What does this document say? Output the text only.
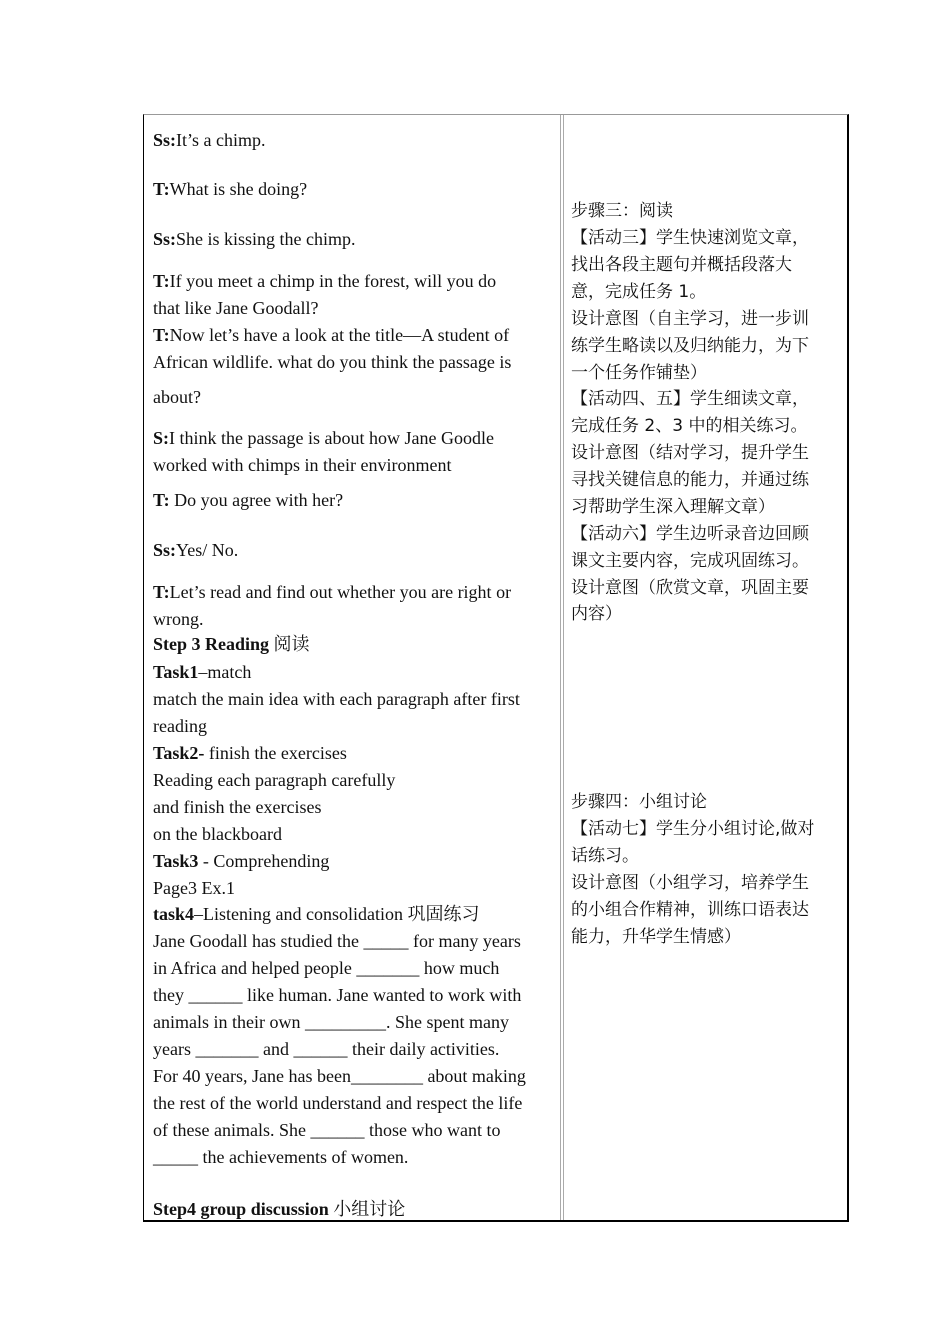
Ss:It’s a chimp.
T:What is she doing?
Ss:She is kissing the chimp.
T:If you meet a chimp in the forest, will you do
that like Jane Goodall?
T:Now let’s have a look at the title—A student of
African wildlife. what do you think the passage is
about?
S:I think the passage is about how Jane Goodle
worked with chimps in their environment
T: Do you agree with her?
Ss:Yes/ No.
T:Let’s read and find out whether you are right or
wrong.
Step 3 Reading 阅读
Task1–match
match the main idea with each paragraph after first
reading
Task2- finish the exercises
Reading each paragraph carefully
and finish the exercises
on the blackboard
Task3 - Comprehending
Page3 Ex.1
task4–Listening and consolidation 巩固练习
Jane Goodall has studied the _____ for many years
in Africa and helped people _______ how much
they ______ like human. Jane wanted to work with
animals in their own _________. She spent many
years _______ and ______ their daily activities.
For 40 years, Jane has been________ about making
the rest of the world understand and respect the life
of these animals. She ______ those who want to
_____ the achievements of women.
Step4 group discussion 小组讨论
步骤三：阅读
【活动三】学生快速浏览文章，
找出各段主题句并概括段落大
意，完成任务 1。
设计意图（自主学习，进一步训
练学生略读以及归纳能力，为下
一个任务作铺垫）
【活动四、五】学生细读文章，
完成任务 2、3 中的相关练习。
设计意图（结对学习，提升学生
寻找关键信息的能力，并通过练
习帮助学生深入理解文章）
【活动六】学生边听录音边回顾
课文主要内容，完成巩固练习。
设计意图（欣赏文章，巩固主要
内容）
步骤四：小组讨论
【活动七】学生分小组讨论,做对
话练习。
设计意图（小组学习，培养学生
的小组合作精神，训练口语表达
能力，升华学生情感）
